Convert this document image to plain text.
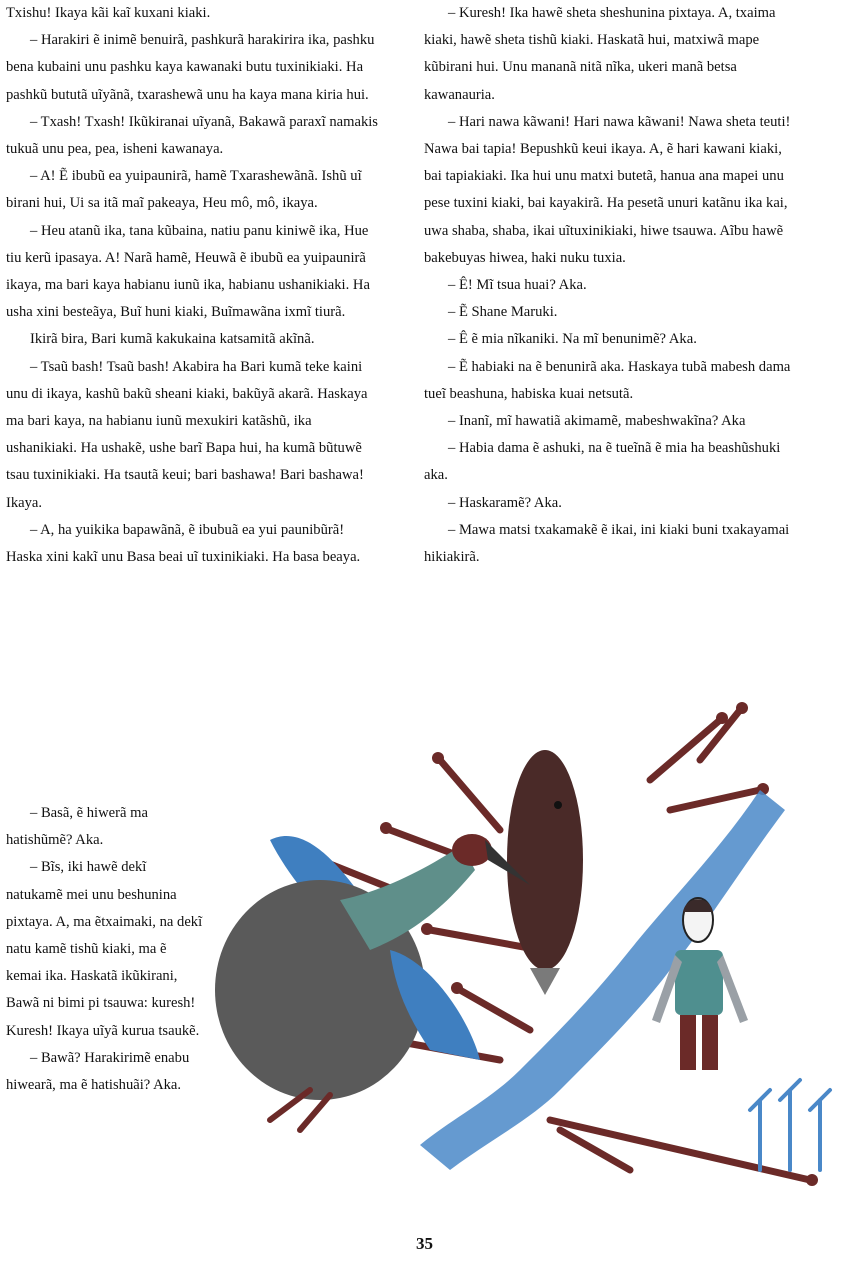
Txishu! Ikaya kãi kaĩ kuxani kiaki.

– Harakiri ẽ inimẽ benuirã, pashkurã harakirira ika, pashku bena kubaini unu pashku kaya kawanaki butu tuxinikiaki. Ha pashkũ bututã uĩyãnã, txarashewã unu ha kaya mana kiria hui.

– Txash! Txash! Ikũkiranai uĩyanã, Bakawã paraxĩ namakis tukuã unu pea, pea, isheni kawanaya.

– A! Ẽ ibubũ ea yuipaunirã, hamẽ Txarashewãnã. Ishũ uĩ birani hui, Ui sa itã maĩ pakeaya, Heu mô, mô, ikaya.

– Heu atanũ ika, tana kũbaina, natiu panu kiniwẽ ika, Hue tiu kerũ ipasaya. A! Narã hamẽ, Heuwã ẽ ibubũ ea yuipaunirã ikaya, ma bari kaya habianu iunũ ika, habianu ushanikiaki. Ha usha xini besteãya, Buĩ huni kiaki, Buĩmawãna ixmĩ tiurã.

Ikirã bira, Bari kumã kakukaina katsamitã akĩnã.

– Tsaũ bash! Tsaũ bash! Akabira ha Bari kumã teke kaini unu di ikaya, kashũ bakũ sheani kiaki, bakũyã akarã. Haskaya ma bari kaya, na habianu iunũ mexukiri katãshũ, ika ushanikiaki. Ha ushakẽ, ushe barĩ Bapa hui, ha kumã bũtuwẽ tsau tuxinikiaki. Ha tsautã keui; bari bashawa! Bari bashawa! Ikaya.

– A, ha yuikika bapawãnã, ẽ ibubuã ea yui paunibũrã! Haska xini kakĩ unu Basa beai uĩ tuxinikiaki. Ha basa beaya.

– Basã, ẽ hiwerã ma hatishũmẽ? Aka.

– Bĩs, iki hawẽ dekĩ natukamẽ mei unu beshunina pixtaya. A, ma ẽtxaimaki, na dekĩ natu kamẽ tishũ kiaki, ma ẽ kemai ika. Haskatã ikũkirani, Bawã ni bimi pi tsauwa: kuresh! Kuresh! Ikaya uĩyã kurua tsaukẽ.

– Bawã? Harakirimẽ enabu hiwearã, ma ẽ hatishuãi? Aka.

– Kuresh! Ika hawẽ sheta sheshunina pixtaya. A, txaima kiaki, hawẽ sheta tishũ kiaki. Haskatã hui, matxiwã mape kũbirani hui. Unu mananã nitã nĩka, ukeri manã betsa kawanauria.

– Hari nawa kãwani! Hari nawa kãwani! Nawa sheta teuti! Nawa bai tapia! Bepushkũ keui ikaya. A, ẽ hari kawani kiaki, bai tapiakiaki. Ika hui unu matxi butetã, hanua ana mapei unu pese tuxini kiaki, bai kayakirã. Ha pesetã unuri katãnu ika kai, uwa shaba, shaba, ikai uĩtuxinikiaki, hiwe tsauwa. Aĩbu hawẽ bakebuyas hiwea, haki nuku tuxia.

– Ê! Mĩ tsua huai? Aka.

– Ẽ Shane Maruki.

– Ê ẽ mia nĩkaniki. Na mĩ benunimẽ? Aka.

– Ẽ habiaki na ẽ benunirã aka. Haskaya tubã mabesh dama tueĩ beashuna, habiska kuai netsutã.

– Inanĩ, mĩ hawatiã akimamẽ, mabeshwakĩna? Aka

– Habia dama ẽ ashuki, na ẽ tueĩnã ẽ mia ha beashũshuki aka.

– Haskaramẽ? Aka.

– Mawa matsi txakamakẽ ẽ ikai, ini kiaki buni txakayamai hikiakirã.

35
